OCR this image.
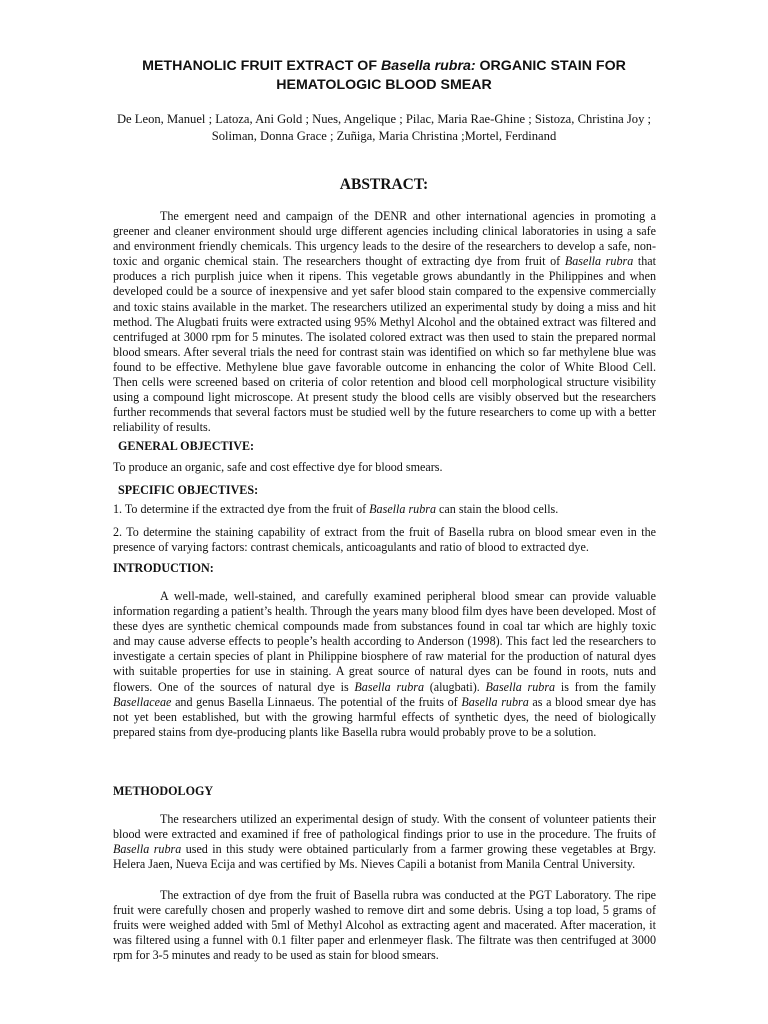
METHANOLIC FRUIT EXTRACT OF Basella rubra: ORGANIC STAIN FOR
HEMATOLOGIC BLOOD SMEAR
De Leon, Manuel ; Latoza, Ani Gold ; Nues, Angelique ; Pilac, Maria Rae-Ghine ; Sistoza, Christina Joy ; Soliman, Donna Grace ; Zuñiga, Maria Christina ;Mortel, Ferdinand
ABSTRACT:
The emergent need and campaign of the DENR and other international agencies in promoting a greener and cleaner environment should urge different agencies including clinical laboratories in using a safe and environment friendly chemicals. This urgency leads to the desire of the researchers to develop a safe, non-toxic and organic chemical stain. The researchers thought of extracting dye from fruit of Basella rubra that produces a rich purplish juice when it ripens. This vegetable grows abundantly in the Philippines and when developed could be a source of inexpensive and yet safer blood stain compared to the expensive commercially and toxic stains available in the market. The researchers utilized an experimental study by doing a miss and hit method. The Alugbati fruits were extracted using 95% Methyl Alcohol and the obtained extract was filtered and centrifuged at 3000 rpm for 5 minutes. The isolated colored extract was then used to stain the prepared normal blood smears. After several trials the need for contrast stain was identified on which so far methylene blue was found to be effective. Methylene blue gave favorable outcome in enhancing the color of White Blood Cell. Then cells were screened based on criteria of color retention and blood cell morphological structure visibility using a compound light microscope. At present study the blood cells are visibly observed but the researchers further recommends that several factors must be studied well by the future researchers to come up with a better reliability of results.
GENERAL OBJECTIVE:
To produce an organic, safe and cost effective dye for blood smears.
SPECIFIC OBJECTIVES:
1. To determine if the extracted dye from the fruit of Basella rubra can stain the blood cells.
2. To determine the staining capability of extract from the fruit of Basella rubra on blood smear even in the presence of varying factors: contrast chemicals, anticoagulants and ratio of blood to extracted dye.
INTRODUCTION:
A well-made, well-stained, and carefully examined peripheral blood smear can provide valuable information regarding a patient’s health. Through the years many blood film dyes have been developed. Most of these dyes are synthetic chemical compounds made from substances found in coal tar which are highly toxic and may cause adverse effects to people’s health according to Anderson (1998). This fact led the researchers to investigate a certain species of plant in Philippine biosphere of raw material for the production of natural dyes with suitable properties for use in staining. A great source of natural dyes can be found in roots, nuts and flowers. One of the sources of natural dye is Basella rubra (alugbati). Basella rubra is from the family Basellaceae and genus Basella Linnaeus. The potential of the fruits of Basella rubra as a blood smear dye has not yet been established, but with the growing harmful effects of synthetic dyes, the need of biologically prepared stains from dye-producing plants like Basella rubra would probably prove to be a solution.
METHODOLOGY
The researchers utilized an experimental design of study. With the consent of volunteer patients their blood were extracted and examined if free of pathological findings prior to use in the procedure. The fruits of Basella rubra used in this study were obtained particularly from a farmer growing these vegetables at Brgy. Helera Jaen, Nueva Ecija and was certified by Ms. Nieves Capili a botanist from Manila Central University.
The extraction of dye from the fruit of Basella rubra was conducted at the PGT Laboratory. The ripe fruit were carefully chosen and properly washed to remove dirt and some debris. Using a top load, 5 grams of fruits were weighed added with 5ml of Methyl Alcohol as extracting agent and macerated. After maceration, it was filtered using a funnel with 0.1 filter paper and erlenmeyer flask. The filtrate was then centrifuged at 3000 rpm for 3-5 minutes and ready to be used as stain for blood smears.
